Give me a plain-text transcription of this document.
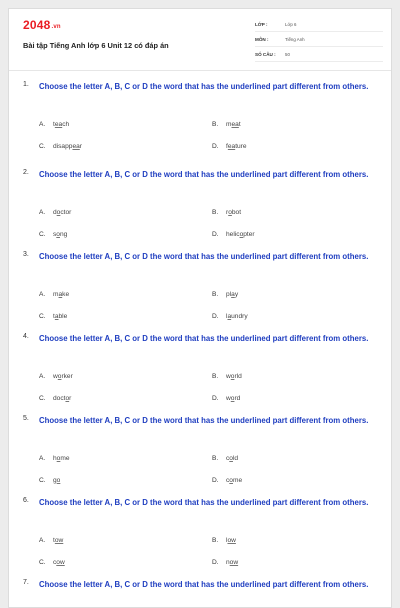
2048.vn
Bài tập Tiếng Anh lớp 6 Unit 12 có đáp án
LỚP :	Lớp 6
MÔN :	Tiếng Anh
SỐ CÂU :	50
1. Choose the letter A, B, C or D the word that has the underlined part different from others.
A.	teach	B.	meat
C.	disappear	D.	feature
2. Choose the letter A, B, C or D the word that has the underlined part different from others.
A.	doctor	B.	robot
C.	song	D.	helicopter
3. Choose the letter A, B, C or D the word that has the underlined part different from others.
A.	make	B.	play
C.	table	D.	laundry
4. Choose the letter A, B, C or D the word that has the underlined part different from others.
A.	worker	B.	world
C.	doctor	D.	word
5. Choose the letter A, B, C or D the word that has the underlined part different from others.
A.	home	B.	cold
C.	go	D.	come
6. Choose the letter A, B, C or D the word that has the underlined part different from others.
A.	tow	B.	low
C.	cow	D.	now
7. Choose the letter A, B, C or D the word that has the underlined part different from others.
